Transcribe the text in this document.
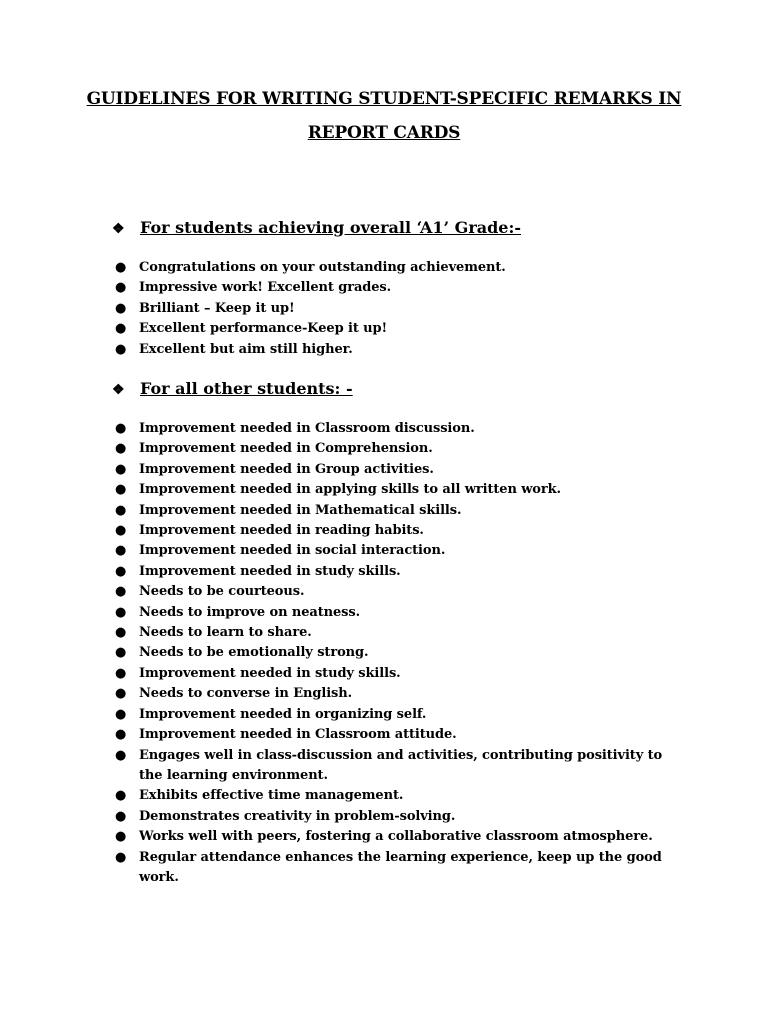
GUIDELINES FOR WRITING STUDENT-SPECIFIC REMARKS IN
REPORT CARDS
❖ For students achieving overall ‘A1’ Grade:-
● Congratulations on your outstanding achievement.
● Impressive work! Excellent grades.
● Brilliant – Keep it up!
● Excellent performance-Keep it up!
● Excellent but aim still higher.
❖ For all other students: -
● Improvement needed in Classroom discussion.
● Improvement needed in Comprehension.
● Improvement needed in Group activities.
● Improvement needed in applying skills to all written work.
● Improvement needed in Mathematical skills.
● Improvement needed in reading habits.
● Improvement needed in social interaction.
● Improvement needed in study skills.
● Needs to be courteous.
● Needs to improve on neatness.
● Needs to learn to share.
● Needs to be emotionally strong.
● Improvement needed in study skills.
● Needs to converse in English.
● Improvement needed in organizing self.
● Improvement needed in Classroom attitude.
● Engages well in class-discussion and activities, contributing positivity to the learning environment.
● Exhibits effective time management.
● Demonstrates creativity in problem-solving.
● Works well with peers, fostering a collaborative classroom atmosphere.
● Regular attendance enhances the learning experience, keep up the good work.
